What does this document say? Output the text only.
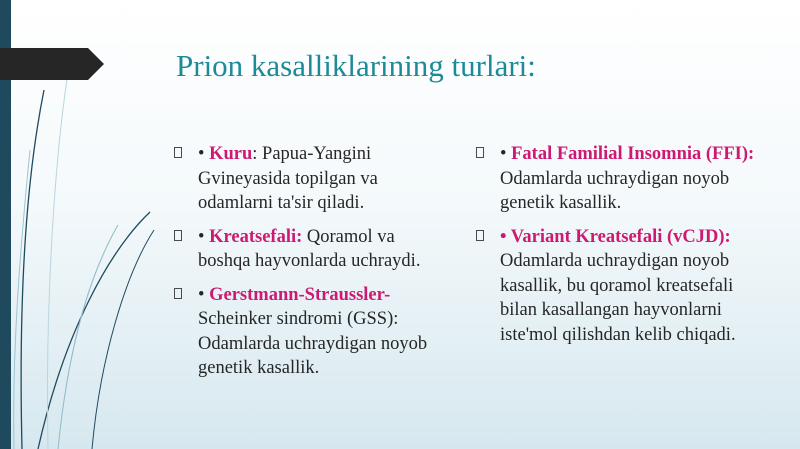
Prion kasalliklarining turlari:
• Kuru: Papua-Yangini Gvineyasida topilgan va odamlarni ta'sir qiladi.
• Kreatsefali: Qoramol va boshqa hayvonlarda uchraydi.
• Gerstmann-Straussler-Scheinker sindromi (GSS): Odamlarda uchraydigan noyob genetik kasallik.
• Fatal Familial Insomnia (FFI): Odamlarda uchraydigan noyob genetik kasallik.
• Variant Kreatsefali (vCJD): Odamlarda uchraydigan noyob kasallik, bu qoramol kreatsefali bilan kasallangan hayvonlarni iste'mol qilishdan kelib chiqadi.
